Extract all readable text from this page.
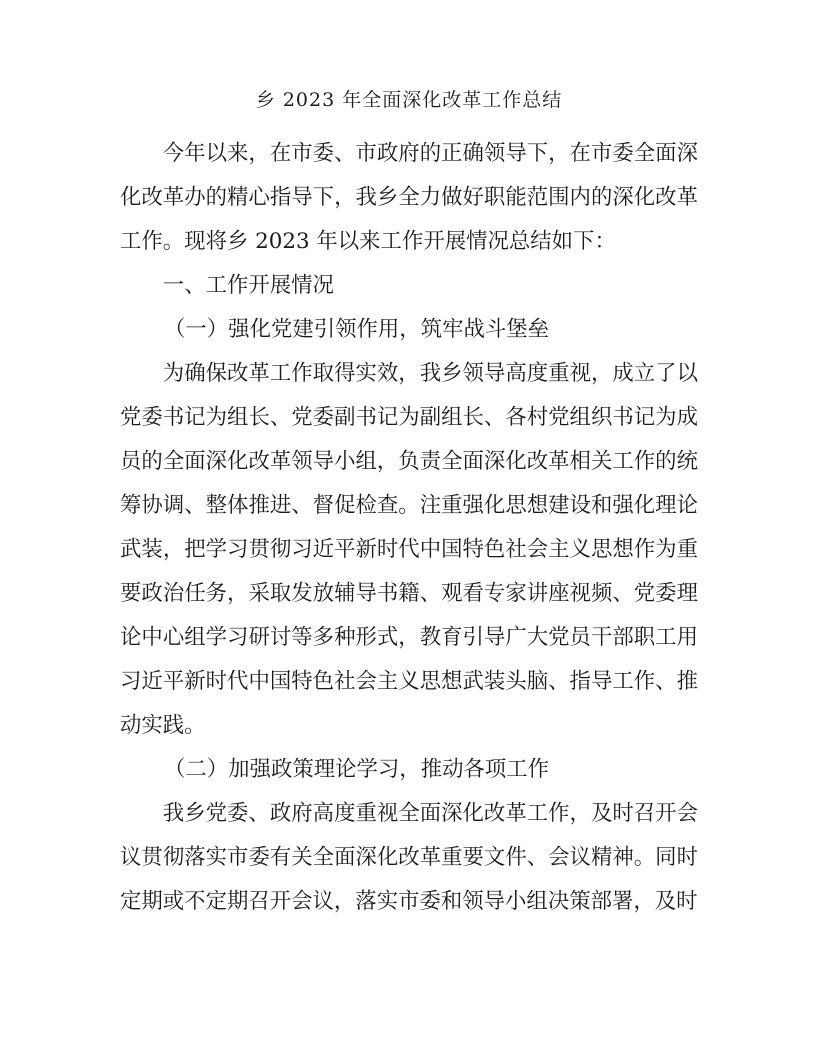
乡 2023 年全面深化改革工作总结

今年以来，在市委、市政府的正确领导下，在市委全面深化改革办的精心指导下，我乡全力做好职能范围内的深化改革工作。现将乡 2023 年以来工作开展情况总结如下：

一、工作开展情况

（一）强化党建引领作用，筑牢战斗堡垒

为确保改革工作取得实效，我乡领导高度重视，成立了以党委书记为组长、党委副书记为副组长、各村党组织书记为成员的全面深化改革领导小组，负责全面深化改革相关工作的统筹协调、整体推进、督促检查。注重强化思想建设和强化理论武装，把学习贯彻习近平新时代中国特色社会主义思想作为重要政治任务，采取发放辅导书籍、观看专家讲座视频、党委理论中心组学习研讨等多种形式，教育引导广大党员干部职工用习近平新时代中国特色社会主义思想武装头脑、指导工作、推动实践。

（二）加强政策理论学习，推动各项工作

我乡党委、政府高度重视全面深化改革工作，及时召开会议贯彻落实市委有关全面深化改革重要文件、会议精神。同时定期或不定期召开会议，落实市委和领导小组决策部署，及时
